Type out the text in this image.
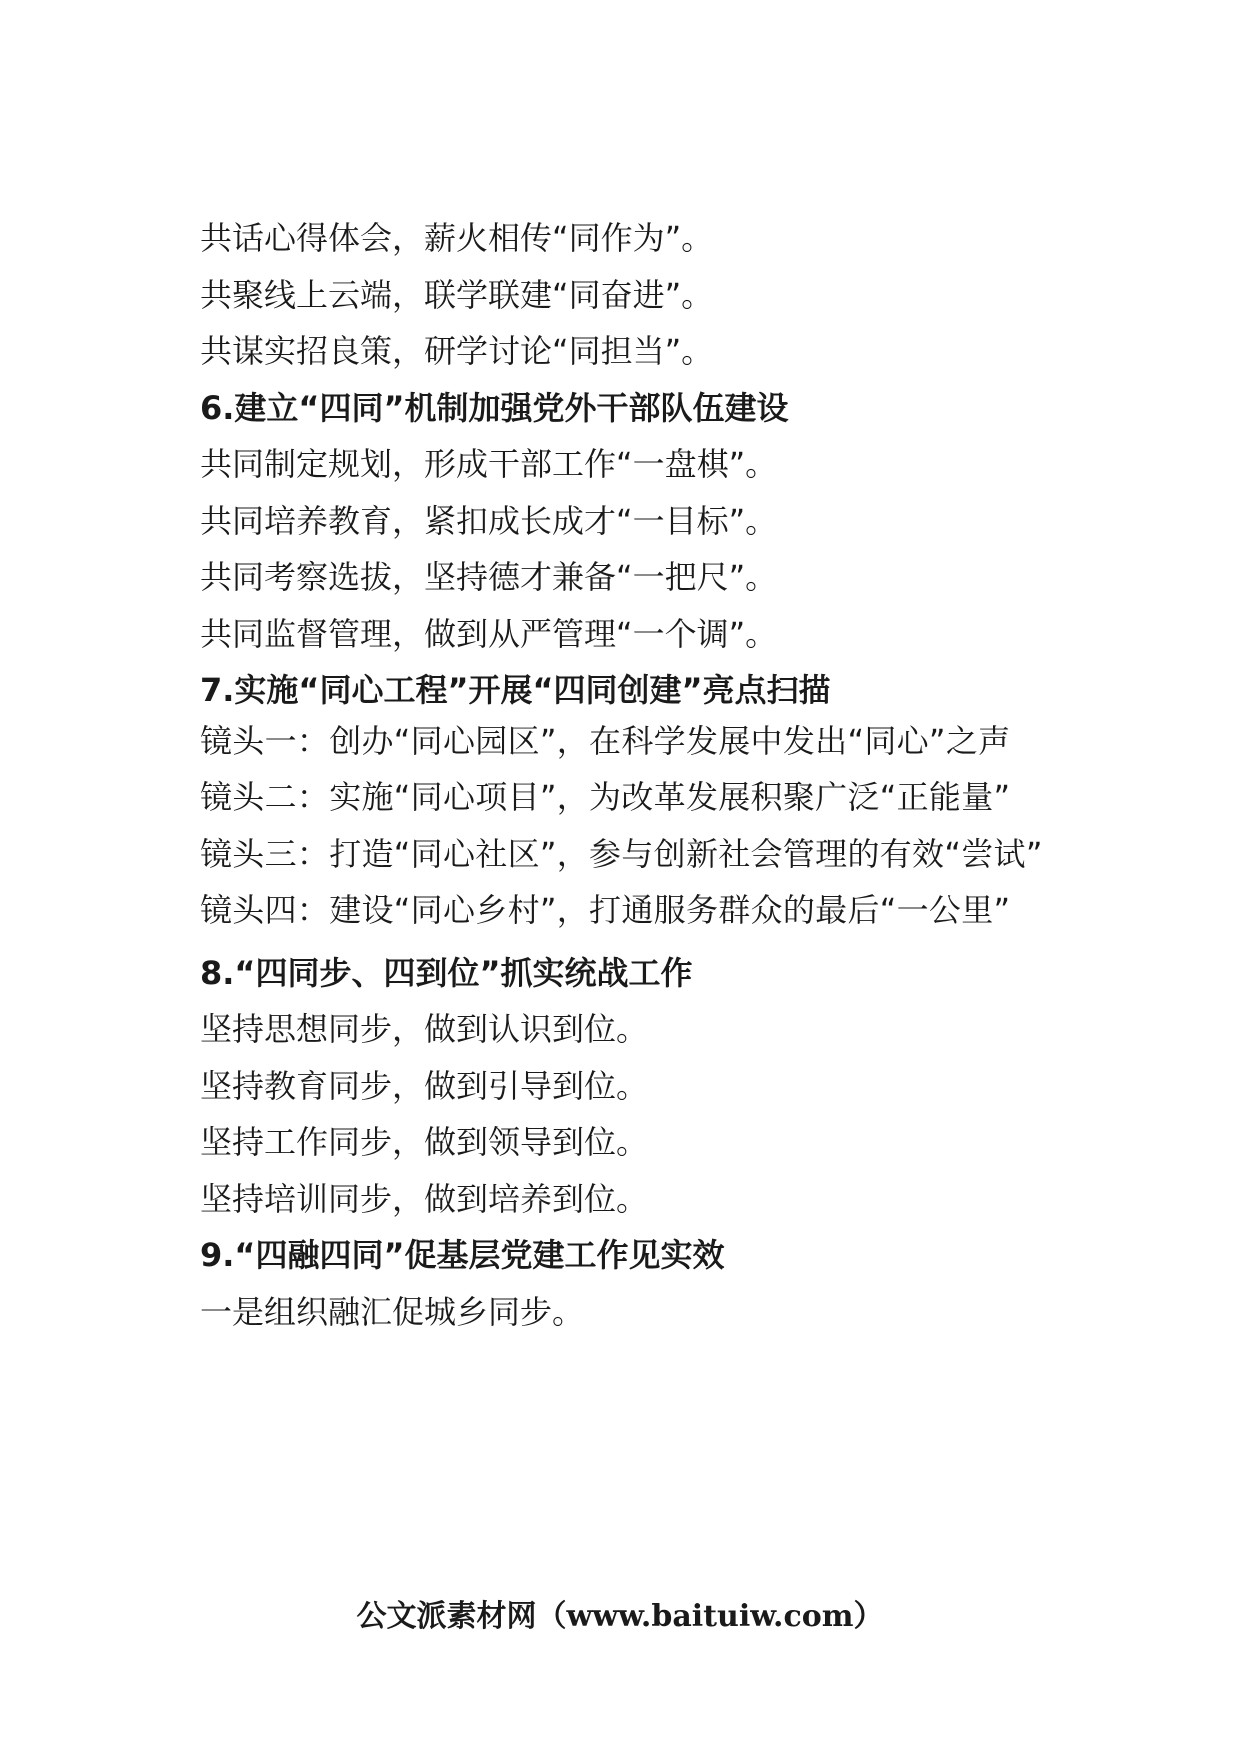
共话心得体会，薪火相传“同作为”。

共聚线上云端，联学联建“同奋进”。

共谋实招良策，研学讨论“同担当”。

6.建立“四同”机制加强党外干部队伍建设

共同制定规划，形成干部工作“一盘棋”。

共同培养教育，紧扣成长成才“一目标”。

共同考察选拔，坚持德才兼备“一把尺”。

共同监督管理，做到从严管理“一个调”。

7.实施“同心工程”开展“四同创建”亮点扫描

镜头一：创办“同心园区”，在科学发展中发出“同心”之声

镜头二：实施“同心项目”，为改革发展积聚广泛“正能量”

镜头三：打造“同心社区”，参与创新社会管理的有效“尝试”

镜头四：建设“同心乡村”，打通服务群众的最后“一公里”

8.“四同步、四到位”抓实统战工作

坚持思想同步，做到认识到位。

坚持教育同步，做到引导到位。

坚持工作同步，做到领导到位。

坚持培训同步，做到培养到位。

9.“四融四同”促基层党建工作见实效

一是组织融汇促城乡同步。

公文派素材网（www.baituiw.com）
